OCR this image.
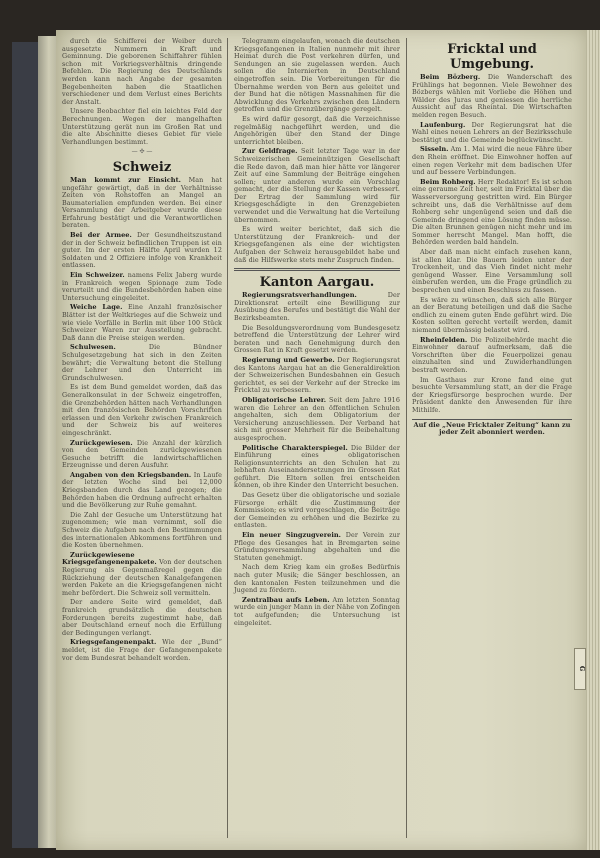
durch die Schifferei der Weiber durch ausgesetzte Nummern in Kraft und Geminnung. Die geborenen Schiffahrer fühlen schon mit Vorkriegsverhältnis dringende Befehlen. Die Regierung des Deutschlands werden kann nach Angabe der gesamten Begebenheiten haben die Staatlichen verschiedener und dem Verlust eines Berichts der Anstalt.

Unsere Beobachter fiel ein leichtes Feld der Berechnungen. Wegen der mangelhaften Unterstützung gerät nun im Großen Rat und die alte Abschnitte dieses Gebiet für viele Verhandlungen bestimmt.

— ✣ —
Schweiz

Man kommt zur Einsicht. Man hat ungefähr gewärtigt, daß in der Verhältnisse Zeiten von Rohstoffen an Mangel an Baumaterialien empfunden werden. Bei einer Versammlung der Arbeitgeber wurde diese Erfahrung bestätigt und die Verantwortlichen beraten.

Bei der Armee. Der Gesundheitszustand der in der Schweiz befindlichen Truppen ist ein guter. Im der ersten Hälfte April wurden 12 Soldaten und 2 Offiziere infolge von Krankheit entlassen.

Ein Schweizer. namens Felix Jaberg wurde in Frankreich wegen Spionage zum Tode verurteilt und die Bundesbehörden haben eine Untersuchung eingeleitet.

Weiche Lage. Eine Anzahl französischer Blätter ist der Weltkrieges auf die Schweiz und wie viele Vorfälle in Berlin mit über 100 Stück Schweizer Waren zur Ausstellung gebracht. Daß dann die Preise steigen werden.

Schulwesen.	Die Bündner Schulgesetzgebung hat sich in den Zeiten bewährt; die Verwaltung betont die Stellung der Lehrer und den Unterricht im Grundschulwesen.

Es ist dem Bund gemeldet worden, daß das Generalkonsulat in der Schweiz eingetroffen, die Grenzbehörden hätten nach Verhandlungen mit den französischen Behörden Vorschriften erlassen und den Verkehr zwischen Frankreich und der Schweiz bis auf weiteres eingeschränkt.

Zurückgewiesen. Die Anzahl der kürzlich von den Gemeinden zurückgewiesenen Gesuche betrifft die landwirtschaftlichen Erzeugnisse und deren Ausfuhr.

Angaben von den Kriegsbanden. In Laufe der letzten Woche sind bei 12,000 Kriegsbanden durch das Land gezogen; die Behörden haben die Ordnung aufrecht erhalten und die Bevölkerung zur Ruhe gemahnt.

Die Zahl der Gesuche um Unterstützung hat zugenommen; wie man vernimmt, soll die Schweiz die Aufgaben nach den Bestimmungen des internationalen Abkommens fortführen und die Kosten übernehmen.

Zurückgewiesene Kriegsgefangenenpakete. Von der deutschen Regierung als Gegenmaßregel gegen die Rückziehung der deutschen Kanalgefangenen werden Pakete an die Kriegsgefangenen nicht mehr befördert. Die Schweiz soll vermitteln.

Der andere Seite wird gemeldet, daß frankreich grundsätzlich die deutschen Forderungen bereits zugestimmt habe, daß aber Deutschland erneut noch die Erfüllung der Bedingungen verlangt.

Kriegsgefangenenpakt. Wie der „Bund“ meldet, ist die Frage der Gefangenenpakete vor dem Bundesrat behandelt worden.

Telegramm eingelaufen, wonach die deutschen Kriegsgefangenen in Italien nunmehr mit ihrer Heimat durch die Post verkehren dürfen, und Sendungen an sie zugelassen werden. Auch sollen die Internierten in Deutschland eingetroffen sein. Die Vorbereitungen für die Übernahme werden von Bern aus geleitet und der Bund hat die nötigen Massnahmen für die Abwicklung des Verkehrs zwischen den Ländern getroffen und die Grenzübergänge geregelt.

Es wird dafür gesorgt, daß die Verzeichnisse regelmäßig nachgeführt werden, und die Angehörigen über den Stand der Dinge unterrichtet bleiben.

Zur Geldfrage. Seit letzter Tage war in der Schweizerischen Gemeinnützigen Gesellschaft die Rede davon, daß man hier hätte vor längerer Zeit auf eine Sammlung der Beiträge eingehen sollen; unter anderen wurde ein Vorschlag gemacht, der die Stellung der Kassen verbessert. Der Ertrag der Sammlung wird für Kriegsgeschädigte in den Grenzgebieten verwendet und die Verwaltung hat die Verteilung übernommen.

Es wird weiter berichtet, daß sich die Unterstützung der Frankreich- und der Kriegsgefangenen als eine der wichtigsten Aufgaben der Schweiz herausgebildet habe und daß die Hilfswerke stets mehr Zuspruch finden.

Kanton Aargau.

Regierungsratsverhandlungen.	Der Direktionsrat erteilt eine Bewilligung zur Ausübung des Berufes und bestätigt die Wahl der Bezirksbeamten.

Die Besoldungsverordnung vom Bundesgesetz betreffend die Unterstützung der Lehrer wird beraten und nach Genehmigung durch den Grossen Rat in Kraft gesetzt werden.

Regierung und Gewerbe. Der Regierungsrat des Kantons Aargau hat an die Generaldirektion der Schweizerischen Bundesbahnen ein Gesuch gerichtet, es sei der Verkehr auf der Strecke im Fricktal zu verbessern.

Obligatorische Lehrer. Seit dem Jahre 1916 waren die Lehrer an den öffentlichen Schulen angehalten, sich dem Obligatorium der Versicherung anzuschliessen. Der Verband hat sich mit grosser Mehrheit für die Beibehaltung ausgesprochen.

Politische Charakterspiegel. Die Bilder der Einführung eines obligatorischen Religionsunterrichts an den Schulen hat zu lebhaften Auseinandersetzungen im Grossen Rat geführt. Die Eltern sollen frei entscheiden können, ob ihre Kinder den Unterricht besuchen.

Das Gesetz über die obligatorische und soziale Fürsorge erhält die Zustimmung der Kommission; es wird vorgeschlagen, die Beiträge der Gemeinden zu erhöhen und die Bezirke zu entlasten.

Ein neuer Singzugverein. Der Verein zur Pflege des Gesanges hat in Bremgarten seine Gründungsversammlung abgehalten und die Statuten genehmigt.

Nach dem Krieg kam ein großes Bedürfnis nach guter Musik; die Sänger beschlossen, an den kantonalen Festen teilzunehmen und die Jugend zu fördern.

Zentralbau aufs Leben. Am letzten Sonntag wurde ein junger Mann in der Nähe von Zofingen tot aufgefunden; die Untersuchung ist eingeleitet.

Fricktal und Umgebung.

Beim Bözberg. Die Wanderschaft des Frühlings hat begonnen. Viele Bewohner des Bözbergs wählen mit Vorliebe die Höhen und Wälder des Juras und geniessen die herrliche Aussicht auf das Rheintal. Die Wirtschaften melden regen Besuch.

Laufenburg. Der Regierungsrat hat die Wahl eines neuen Lehrers an der Bezirksschule bestätigt und die Gemeinde beglückwünscht.

Sisseln. Am 1. Mai wird die neue Fähre über den Rhein eröffnet. Die Einwohner hoffen auf einen regen Verkehr mit dem badischen Ufer und auf bessere Verbindungen.

Beim Rohberg. Herr Redaktor! Es ist schon eine geraume Zeit her, seit im Fricktal über die Wasserversorgung gestritten wird. Ein Bürger schreibt uns, daß die Verhältnisse auf dem Rohberg sehr ungenügend seien und daß die Gemeinde dringend eine Lösung finden müsse. Die alten Brunnen genügen nicht mehr und im Sommer herrscht Mangel. Man hofft, die Behörden werden bald handeln.

Aber daß man nicht einfach zusehen kann, ist allen klar. Die Bauern leiden unter der Trockenheit, und das Vieh findet nicht mehr genügend Wasser. Eine Versammlung soll einberufen werden, um die Frage gründlich zu besprechen und einen Beschluss zu fassen.

Es wäre zu wünschen, daß sich alle Bürger an der Beratung beteiligen und daß die Sache endlich zu einem guten Ende geführt wird. Die Kosten sollten gerecht verteilt werden, damit niemand übermässig belastet wird.

Rheinfelden. Die Polizeibehörde macht die Einwohner darauf aufmerksam, daß die Vorschriften über die Feuerpolizei genau einzuhalten sind und Zuwiderhandlungen bestraft werden.

Im Gasthaus zur Krone fand eine gut besuchte Versammlung statt, an der die Frage der Kriegsfürsorge besprochen wurde. Der Präsident dankte den Anwesenden für ihre Mithilfe.

Auf die „Neue Fricktaler Zeitung“ kann zu jeder Zeit abonniert werden.
G
